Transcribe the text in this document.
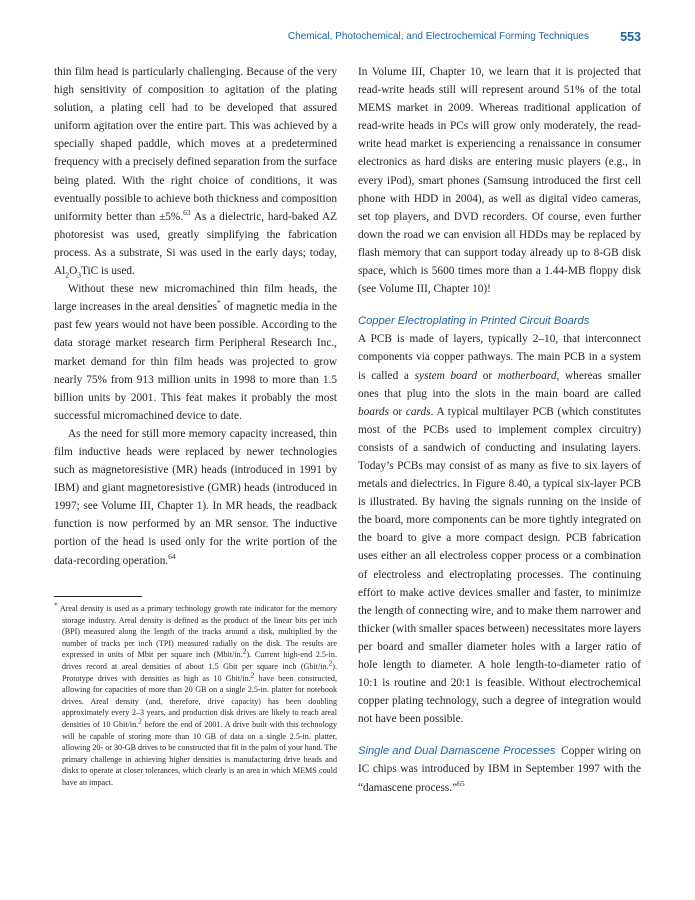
Chemical, Photochemical, and Electrochemical Forming Techniques 553

thin film head is particularly challenging. Because of the very high sensitivity of composition to agitation of the plating solution, a plating cell had to be developed that assured uniform agitation over the entire part. This was achieved by a specially shaped paddle, which moves at a predetermined frequency with a precisely defined separation from the surface being plated. With the right choice of conditions, it was eventually possible to achieve both thickness and composition uniformity better than ±5%.$^{63}$ As a dielectric, hard-baked AZ photoresist was used, greatly simplifying the fabrication process. As a substrate, Si was used in the early days; today, $Al_2O_3TiC$ is used.

Without these new micromachined thin film heads, the large increases in the areal densities* of magnetic media in the past few years would not have been possible. According to the data storage market research firm Peripheral Research Inc., market demand for thin film heads was projected to grow nearly 75% from 913 million units in 1998 to more than 1.5 billion units by 2001. This feat makes it probably the most successful micromachined device to date.

As the need for still more memory capacity increased, thin film inductive heads were replaced by newer technologies such as magnetoresistive (MR) heads (introduced in 1991 by IBM) and giant magnetoresistive (GMR) heads (introduced in 1997; see Volume III, Chapter 1). In MR heads, the readback function is now performed by an MR sensor. The inductive portion of the head is used only for the write portion of the data-recording operation.$^{64}$

* Areal density is used as a primary technology growth rate indicator for the memory storage industry. Areal density is defined as the product of the linear bits per inch (BPI) measured along the length of the tracks around a disk, multiplied by the number of tracks per inch (TPI) measured radially on the disk. The results are expressed in units of Mbit per square inch (Mbit/in.$^2$). Current high-end 2.5-in. drives record at areal densities of about 1.5 Gbit per square inch (Gbit/in.$^2$). Prototype drives with densities as high as 10 Gbit/in.$^2$ have been constructed, allowing for capacities of more than 20 GB on a single 2.5-in. platter for notebook drives. Areal density (and, therefore, drive capacity) has been doubling approximately every 2–3 years, and production disk drives are likely to reach areal densities of 10 Gbit/in.$^2$ before the end of 2001. A drive built with this technology will be capable of storing more than 10 GB of data on a single 2.5-in. platter, allowing 20- or 30-GB drives to be constructed that fit in the palm of your hand. The primary challenge in achieving higher densities is manufacturing drive heads and disks to operate at closer tolerances, which clearly is an area in which MEMS could have an impact.

In Volume III, Chapter 10, we learn that it is projected that read-write heads still will represent around 51% of the total MEMS market in 2009. Whereas traditional application of read-write heads in PCs will grow only moderately, the read-write head market is experiencing a renaissance in consumer electronics as hard disks are entering music players (e.g., in every iPod), smart phones (Samsung introduced the first cell phone with HDD in 2004), as well as digital video cameras, set top players, and DVD recorders. Of course, even further down the road we can envision all HDDs may be replaced by flash memory that can support today already up to 8-GB disk space, which is 5600 times more than a 1.44-MB floppy disk (see Volume III, Chapter 10)!

Copper Electroplating in Printed Circuit Boards

A PCB is made of layers, typically 2–10, that interconnect components via copper pathways. The main PCB in a system is called a system board or motherboard, whereas smaller ones that plug into the slots in the main board are called boards or cards. A typical multilayer PCB (which constitutes most of the PCBs used to implement complex circuitry) consists of a sandwich of conducting and insulating layers. Today’s PCBs may consist of as many as five to six layers of metals and dielectrics. In Figure 8.40, a typical six-layer PCB is illustrated. By having the signals running on the inside of the board, more components can be more tightly integrated on the board to give a more compact design. PCB fabrication uses either an all electroless copper process or a combination of electroless and electroplating processes. The continuing effort to make active devices smaller and faster, to minimize the length of connecting wire, and to make them narrower and thicker (with smaller spaces between) necessitates more layers per board and smaller diameter holes with a larger ratio of hole length to diameter. A hole length-to-diameter ratio of 10:1 is routine and 20:1 is feasible. Without electrochemical copper plating technology, such a degree of integration would not have been possible.

Single and Dual Damascene Processes Copper wiring on IC chips was introduced by IBM in September 1997 with the “damascene process.”$^{65}$
